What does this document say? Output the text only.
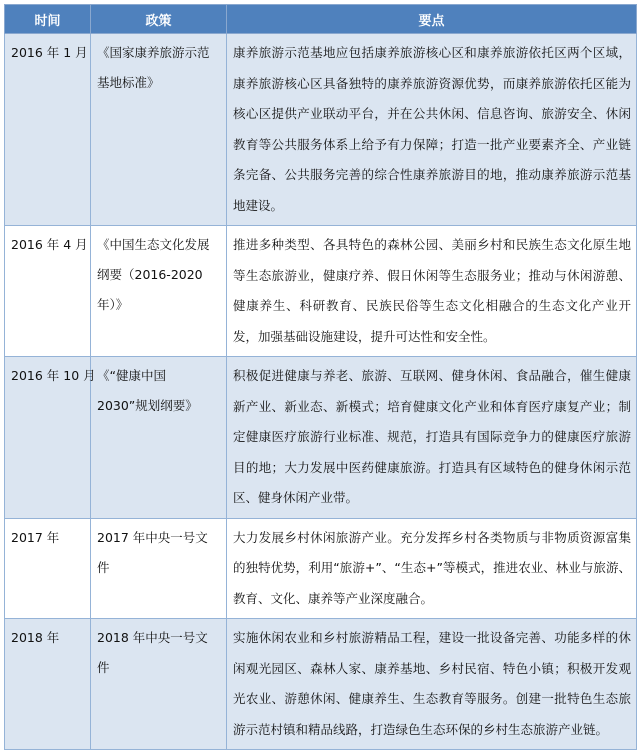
时间	政策	要点
2016 年 1 月	《国家康养旅游示范基地标准》	康养旅游示范基地应包括康养旅游核心区和康养旅游依托区两个区域，康养旅游核心区具备独特的康养旅游资源优势，而康养旅游依托区能为核心区提供产业联动平台，并在公共休闲、信息咨询、旅游安全、休闲教育等公共服务体系上给予有力保障；打造一批产业要素齐全、产业链条完备、公共服务完善的综合性康养旅游目的地，推动康养旅游示范基地建设。
2016 年 4 月	《中国生态文化发展纲要（2016-2020 年）》	推进多种类型、各具特色的森林公园、美丽乡村和民族生态文化原生地等生态旅游业，健康疗养、假日休闲等生态服务业；推动与休闲游憩、健康养生、科研教育、民族民俗等生态文化相融合的生态文化产业开发，加强基础设施建设，提升可达性和安全性。
2016 年 10 月	《“健康中国 2030”规划纲要》	积极促进健康与养老、旅游、互联网、健身休闲、食品融合，催生健康新产业、新业态、新模式；培育健康文化产业和体育医疗康复产业；制定健康医疗旅游行业标准、规范，打造具有国际竞争力的健康医疗旅游目的地；大力发展中医药健康旅游。打造具有区域特色的健身休闲示范区、健身休闲产业带。
2017 年	2017 年中央一号文件	大力发展乡村休闲旅游产业。充分发挥乡村各类物质与非物质资源富集的独特优势，利用“旅游+”、“生态+”等模式，推进农业、林业与旅游、教育、文化、康养等产业深度融合。
2018 年	2018 年中央一号文件	实施休闲农业和乡村旅游精品工程，建设一批设备完善、功能多样的休闲观光园区、森林人家、康养基地、乡村民宿、特色小镇；积极开发观光农业、游憩休闲、健康养生、生态教育等服务。创建一批特色生态旅游示范村镇和精品线路，打造绿色生态环保的乡村生态旅游产业链。
